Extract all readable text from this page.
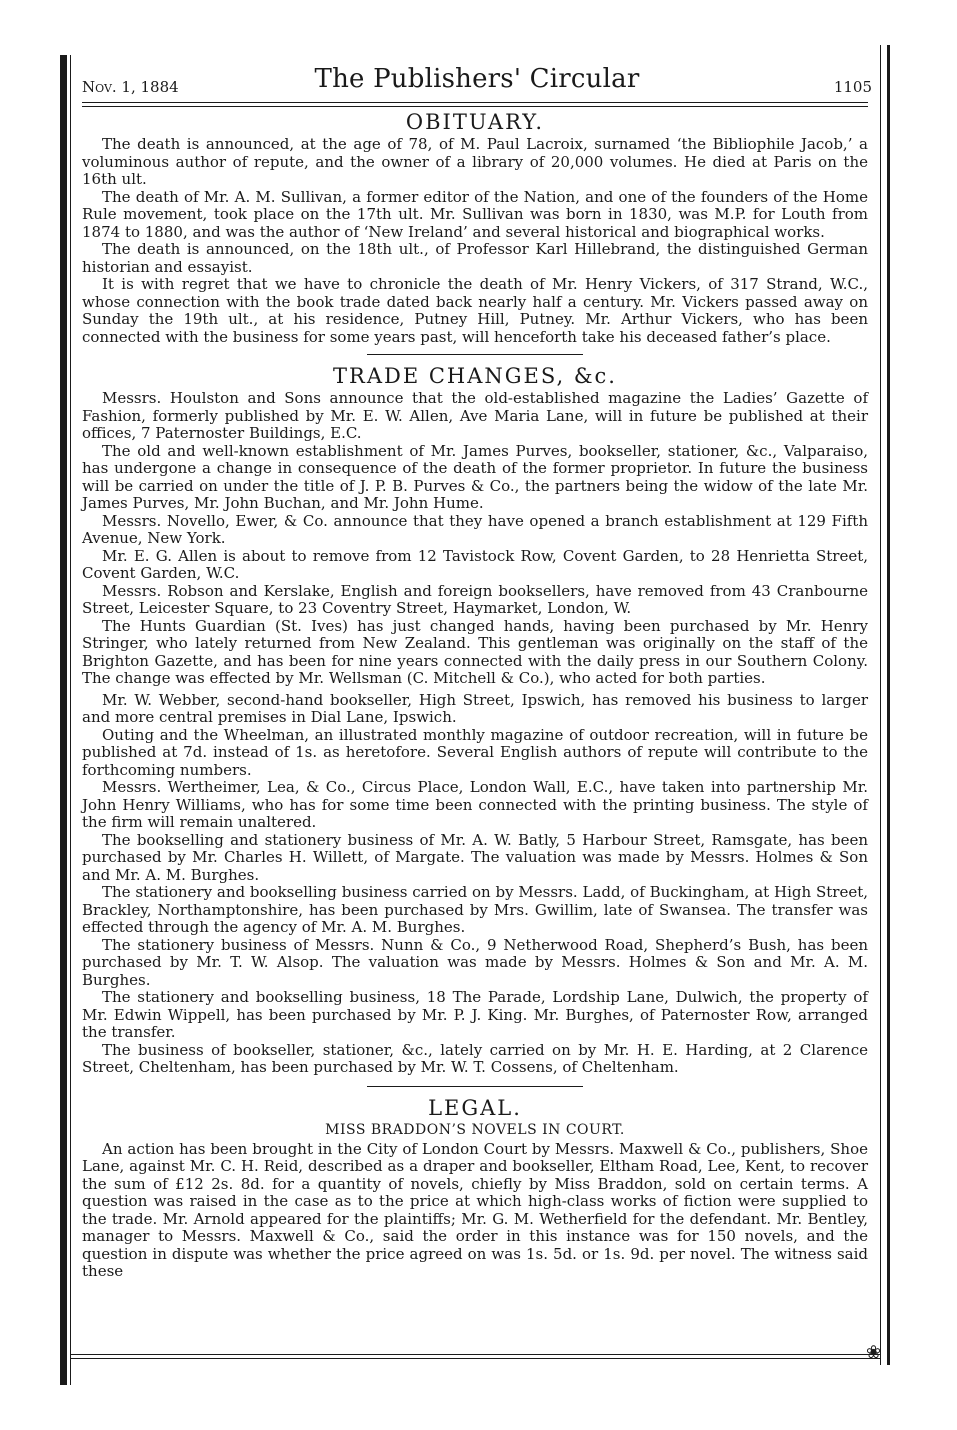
❀
Nov. 1, 1884	The Publishers' Circular	1105
OBITUARY.

The death is announced, at the age of 78, of M. Paul Lacroix, surnamed ‘the Bibliophile Jacob,’ a voluminous author of repute, and the owner of a library of 20,000 volumes. He died at Paris on the 16th ult.

The death of Mr. A. M. Sullivan, a former editor of the Nation, and one of the founders of the Home Rule movement, took place on the 17th ult. Mr. Sullivan was born in 1830, was M.P. for Louth from 1874 to 1880, and was the author of ‘New Ireland’ and several historical and biographical works.

The death is announced, on the 18th ult., of Professor Karl Hillebrand, the distinguished German historian and essayist.

It is with regret that we have to chronicle the death of Mr. Henry Vickers, of 317 Strand, W.C., whose connection with the book trade dated back nearly half a century. Mr. Vickers passed away on Sunday the 19th ult., at his residence, Putney Hill, Putney. Mr. Arthur Vickers, who has been connected with the business for some years past, will henceforth take his deceased father’s place.

TRADE CHANGES, &c.

Messrs. Houlston and Sons announce that the old-established magazine the Ladies’ Gazette of Fashion, formerly published by Mr. E. W. Allen, Ave Maria Lane, will in future be published at their offices, 7 Paternoster Buildings, E.C.

The old and well-known establishment of Mr. James Purves, bookseller, stationer, &c., Valparaiso, has undergone a change in consequence of the death of the former proprietor. In future the business will be carried on under the title of J. P. B. Purves & Co., the partners being the widow of the late Mr. James Purves, Mr. John Buchan, and Mr. John Hume.

Messrs. Novello, Ewer, & Co. announce that they have opened a branch establishment at 129 Fifth Avenue, New York.

Mr. E. G. Allen is about to remove from 12 Tavistock Row, Covent Garden, to 28 Henrietta Street, Covent Garden, W.C.

Messrs. Robson and Kerslake, English and foreign booksellers, have removed from 43 Cranbourne Street, Leicester Square, to 23 Coventry Street, Haymarket, London, W.

The Hunts Guardian (St. Ives) has just changed hands, having been purchased by Mr. Henry Stringer, who lately returned from New Zealand. This gentleman was originally on the staff of the Brighton Gazette, and has been for nine years connected with the daily press in our Southern Colony. The change was effected by Mr. Wellsman (C. Mitchell & Co.), who acted for both parties.

Mr. W. Webber, second-hand bookseller, High Street, Ipswich, has removed his business to larger and more central premises in Dial Lane, Ipswich.

Outing and the Wheelman, an illustrated monthly magazine of outdoor recreation, will in future be published at 7d. instead of 1s. as heretofore. Several English authors of repute will contribute to the forthcoming numbers.

Messrs. Wertheimer, Lea, & Co., Circus Place, London Wall, E.C., have taken into partnership Mr. John Henry Williams, who has for some time been connected with the printing business. The style of the firm will remain unaltered.

The bookselling and stationery business of Mr. A. W. Batly, 5 Harbour Street, Ramsgate, has been purchased by Mr. Charles H. Willett, of Margate. The valuation was made by Messrs. Holmes & Son and Mr. A. M. Burghes.

The stationery and bookselling business carried on by Messrs. Ladd, of Buckingham, at High Street, Brackley, Northamptonshire, has been purchased by Mrs. Gwillim, late of Swansea. The transfer was effected through the agency of Mr. A. M. Burghes.

The stationery business of Messrs. Nunn & Co., 9 Netherwood Road, Shepherd’s Bush, has been purchased by Mr. T. W. Alsop. The valuation was made by Messrs. Holmes & Son and Mr. A. M. Burghes.

The stationery and bookselling business, 18 The Parade, Lordship Lane, Dulwich, the property of Mr. Edwin Wippell, has been purchased by Mr. P. J. King. Mr. Burghes, of Paternoster Row, arranged the transfer.

The business of bookseller, stationer, &c., lately carried on by Mr. H. E. Harding, at 2 Clarence Street, Cheltenham, has been purchased by Mr. W. T. Cossens, of Cheltenham.

LEGAL.
MISS BRADDON’S NOVELS IN COURT.

An action has been brought in the City of London Court by Messrs. Maxwell & Co., publishers, Shoe Lane, against Mr. C. H. Reid, described as a draper and bookseller, Eltham Road, Lee, Kent, to recover the sum of £12 2s. 8d. for a quantity of novels, chiefly by Miss Braddon, sold on certain terms. A question was raised in the case as to the price at which high-class works of fiction were supplied to the trade. Mr. Arnold appeared for the plaintiffs; Mr. G. M. Wetherfield for the defendant. Mr. Bentley, manager to Messrs. Maxwell & Co., said the order in this instance was for 150 novels, and the question in dispute was whether the price agreed on was 1s. 5d. or 1s. 9d. per novel. The witness said these
